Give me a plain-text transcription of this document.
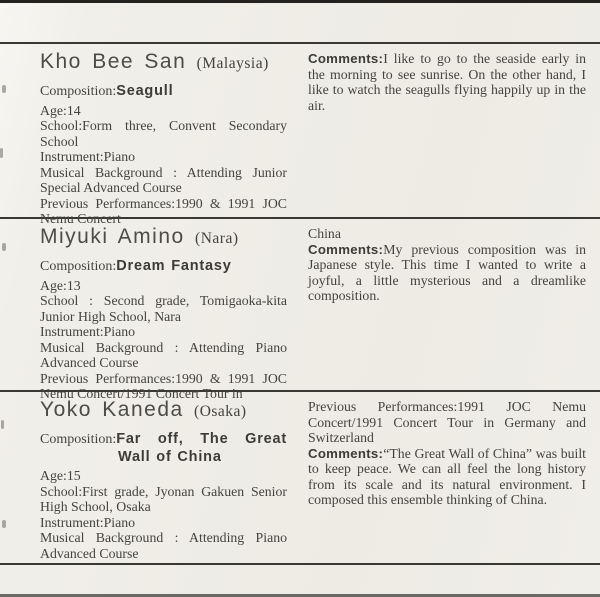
Kho Bee San (Malaysia)

Composition:Seagull

Age:14

School:Form three, Convent Secondary School

Instrument:Piano

Musical Background : Attending Junior Special Advanced Course

Previous Performances:1990 & 1991 JOC Nemu Concert

Comments:I like to go to the seaside early in the morning to see sunrise. On the other hand, I like to watch the seagulls flying happily up in the air.

Miyuki Amino (Nara)

Composition:Dream Fantasy

Age:13

School : Second grade, Tomigaoka-kita Junior High School, Nara

Instrument:Piano

Musical Background : Attending Piano Advanced Course

Previous Performances:1990 & 1991 JOC Nemu Concert/1991 Concert Tour in

China

Comments:My previous composition was in Japanese style. This time I wanted to write a joyful, a little mysterious and a dreamlike composition.

Yoko Kaneda (Osaka)

Composition:Far off, The Great Wall of China

Age:15

School:First grade, Jyonan Gakuen Senior High School, Osaka

Instrument:Piano

Musical Background : Attending Piano Advanced Course

Previous Performances:1991 JOC Nemu Concert/1991 Concert Tour in Germany and Switzerland

Comments:“The Great Wall of China” was built to keep peace. We can all feel the long history from its scale and its natural environment. I composed this ensemble thinking of China.
